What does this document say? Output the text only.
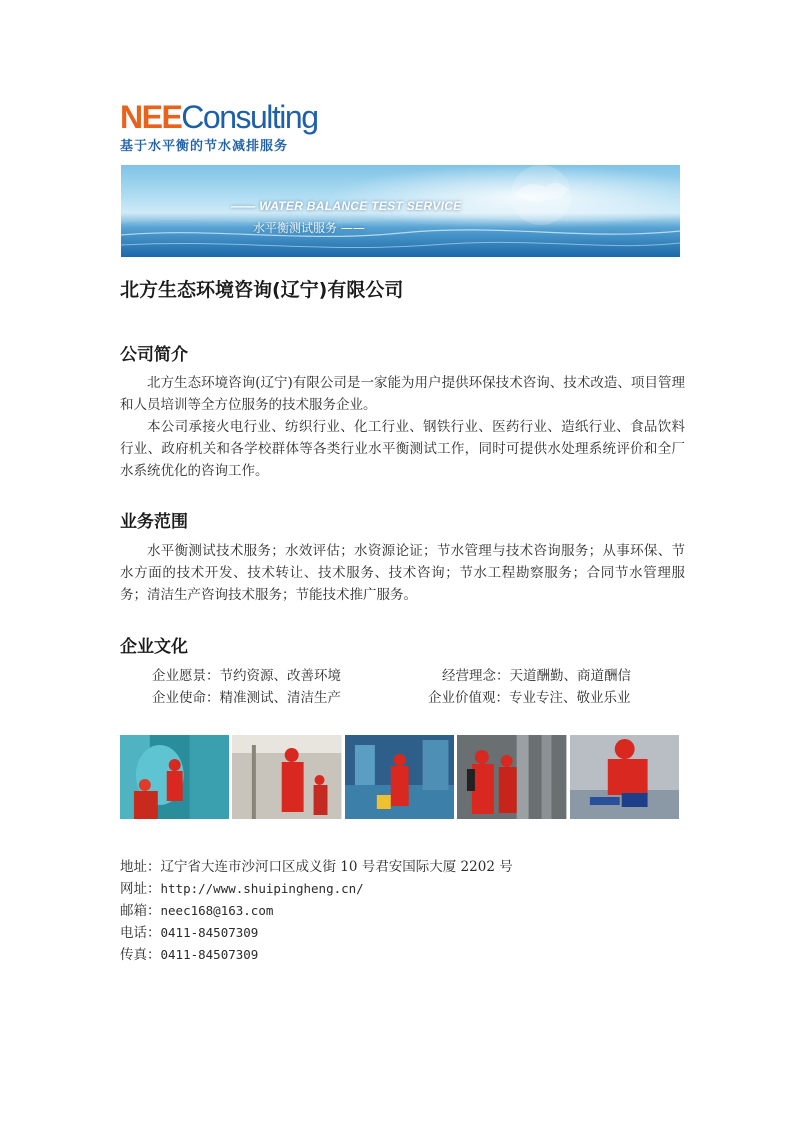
NEEConsulting
基于水平衡的节水减排服务
—— WATER BALANCE TEST SERVICE
水平衡测试服务 ——
北方生态环境咨询(辽宁)有限公司
公司简介

北方生态环境咨询(辽宁)有限公司是一家能为用户提供环保技术咨询、技术改造、项目管理和人员培训等全方位服务的技术服务企业。

本公司承接火电行业、纺织行业、化工行业、钢铁行业、医药行业、造纸行业、食品饮料行业、政府机关和各学校群体等各类行业水平衡测试工作，同时可提供水处理系统评价和全厂水系统优化的咨询工作。

业务范围

水平衡测试技术服务；水效评估；水资源论证；节水管理与技术咨询服务；从事环保、节水方面的技术开发、技术转让、技术服务、技术咨询；节水工程勘察服务；合同节水管理服务；清洁生产咨询技术服务；节能技术推广服务。

企业文化
企业愿景：节约资源、改善环境	经营理念：天道酬勤、商道酬信
企业使命：精准测试、清洁生产	企业价值观：专业专注、敬业乐业
地址：辽宁省大连市沙河口区成义街 10 号君安国际大厦 2202 号
网址：http://www.shuipingheng.cn/
邮箱：neec168@163.com
电话：0411-84507309
传真：0411-84507309
